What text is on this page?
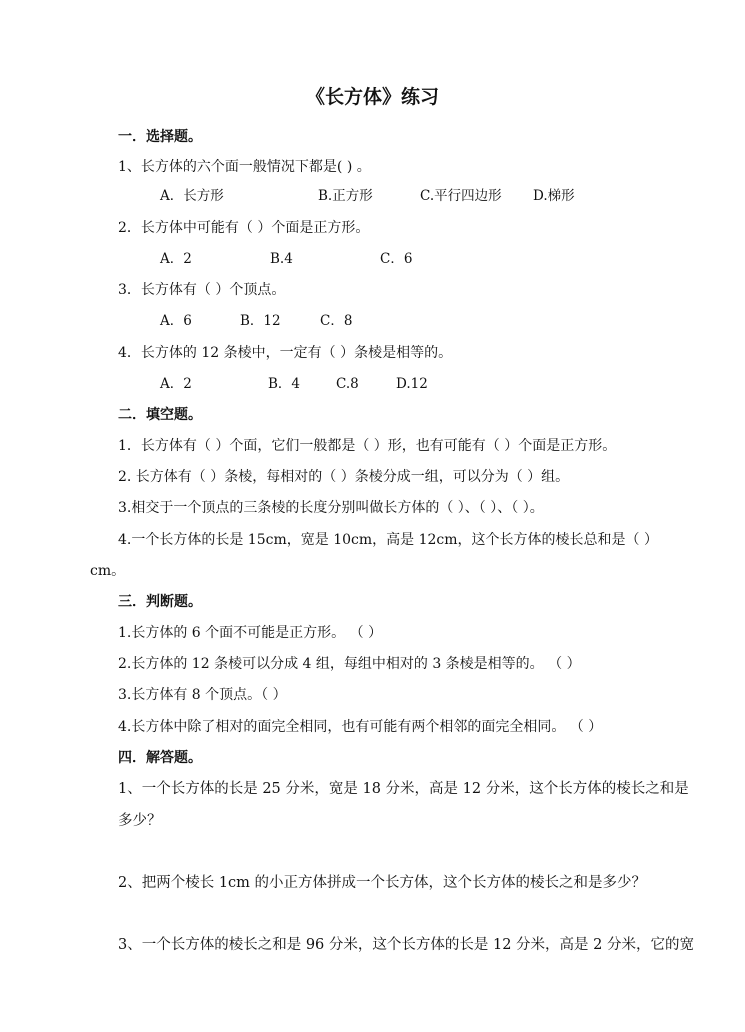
《长方体》练习
一．选择题。
1、长方体的六个面一般情况下都是( ) 。
A．长方形	B.正方形	C.平行四边形 D.梯形
2．长方体中可能有（ ）个面是正方形。
A．2	B.4	C．6
3．长方体有（ ）个顶点。
A．6	B．12	C．8
4．长方体的 12 条棱中，一定有（ ）条棱是相等的。
A．2	B．4	C.8	D.12
二．填空题。
1．长方体有（ ）个面，它们一般都是（ ）形，也有可能有（ ）个面是正方形。
2. 长方体有（ ）条棱，每相对的（ ）条棱分成一组，可以分为（ ）组。
3.相交于一个顶点的三条棱的长度分别叫做长方体的（ ）、（ ）、（ ）。
4.一个长方体的长是 15cm，宽是 10cm，高是 12cm，这个长方体的棱长总和是（ ）
cm。
三．判断题。
1.长方体的 6 个面不可能是正方形。 （ ）
2.长方体的 12 条棱可以分成 4 组，每组中相对的 3 条棱是相等的。 （ ）
3.长方体有 8 个顶点。（ ）
4.长方体中除了相对的面完全相同，也有可能有两个相邻的面完全相同。 （ ）
四．解答题。
1、一个长方体的长是 25 分米，宽是 18 分米，高是 12 分米，这个长方体的棱长之和是
多少？
2、把两个棱长 1cm 的小正方体拼成一个长方体，这个长方体的棱长之和是多少？
3、一个长方体的棱长之和是 96 分米，这个长方体的长是 12 分米，高是 2 分米，它的宽
